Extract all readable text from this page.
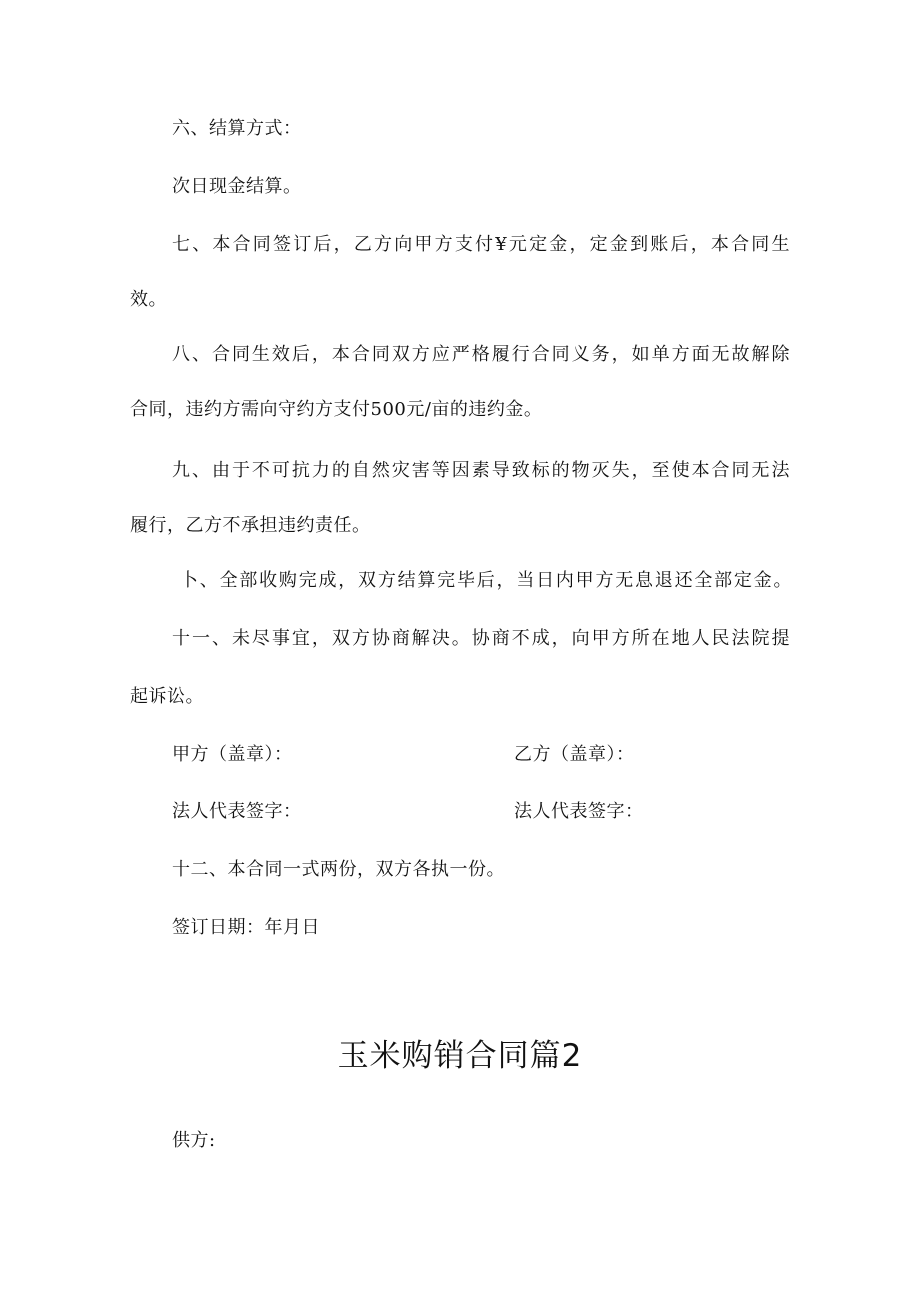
六、结算方式：
次日现金结算。
七、本合同签订后，乙方向甲方支付¥元定金，定金到账后，本合同生
效。
八、合同生效后，本合同双方应严格履行合同义务，如单方面无故解除
合同，违约方需向守约方支付500元/亩的违约金。
九、由于不可抗力的自然灾害等因素导致标的物灭失，至使本合同无法
履行，乙方不承担违约责任。
卜、全部收购完成，双方结算完毕后，当日内甲方无息退还全部定金。
十一、未尽事宜，双方协商解决。协商不成，向甲方所在地人民法院提
起诉讼。
甲方（盖章）：	乙方（盖章）：
法人代表签字：	法人代表签字：
十二、本合同一式两份，双方各执一份。
签订日期：年月日
玉米购销合同篇2
供方:
